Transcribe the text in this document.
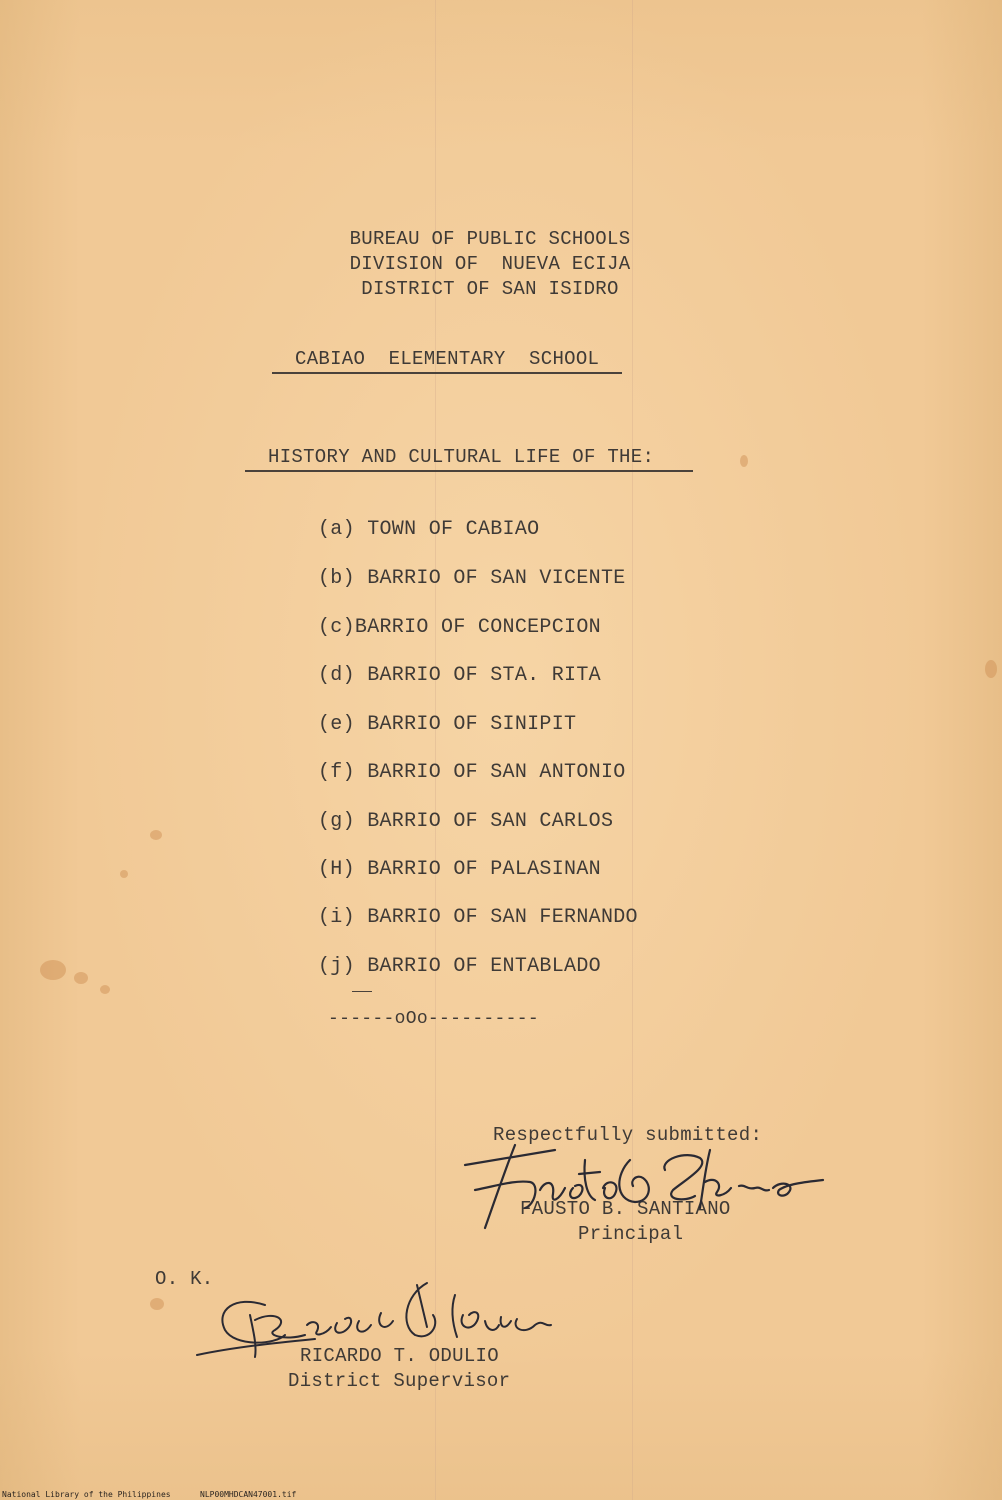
BUREAU OF PUBLIC SCHOOLS
DIVISION OF  NUEVA ECIJA
DISTRICT OF SAN ISIDRO
CABIAO  ELEMENTARY  SCHOOL
HISTORY AND CULTURAL LIFE OF THE:
(a) TOWN OF CABIAO
(b) BARRIO OF SAN VICENTE
(c)BARRIO OF CONCEPCION
(d) BARRIO OF STA. RITA
(e) BARRIO OF SINIPIT
(f) BARRIO OF SAN ANTONIO
(g) BARRIO OF SAN CARLOS
(H) BARRIO OF PALASINAN
(i) BARRIO OF SAN FERNANDO
(j) BARRIO OF ENTABLADO
------oOo----------
Respectfully submitted:
FAUSTO B. SANTIANO
Principal
O. K.
RICARDO T. ODULIO
District Supervisor
National Library of the Philippines	NLP00MHDCAN47001.tif
